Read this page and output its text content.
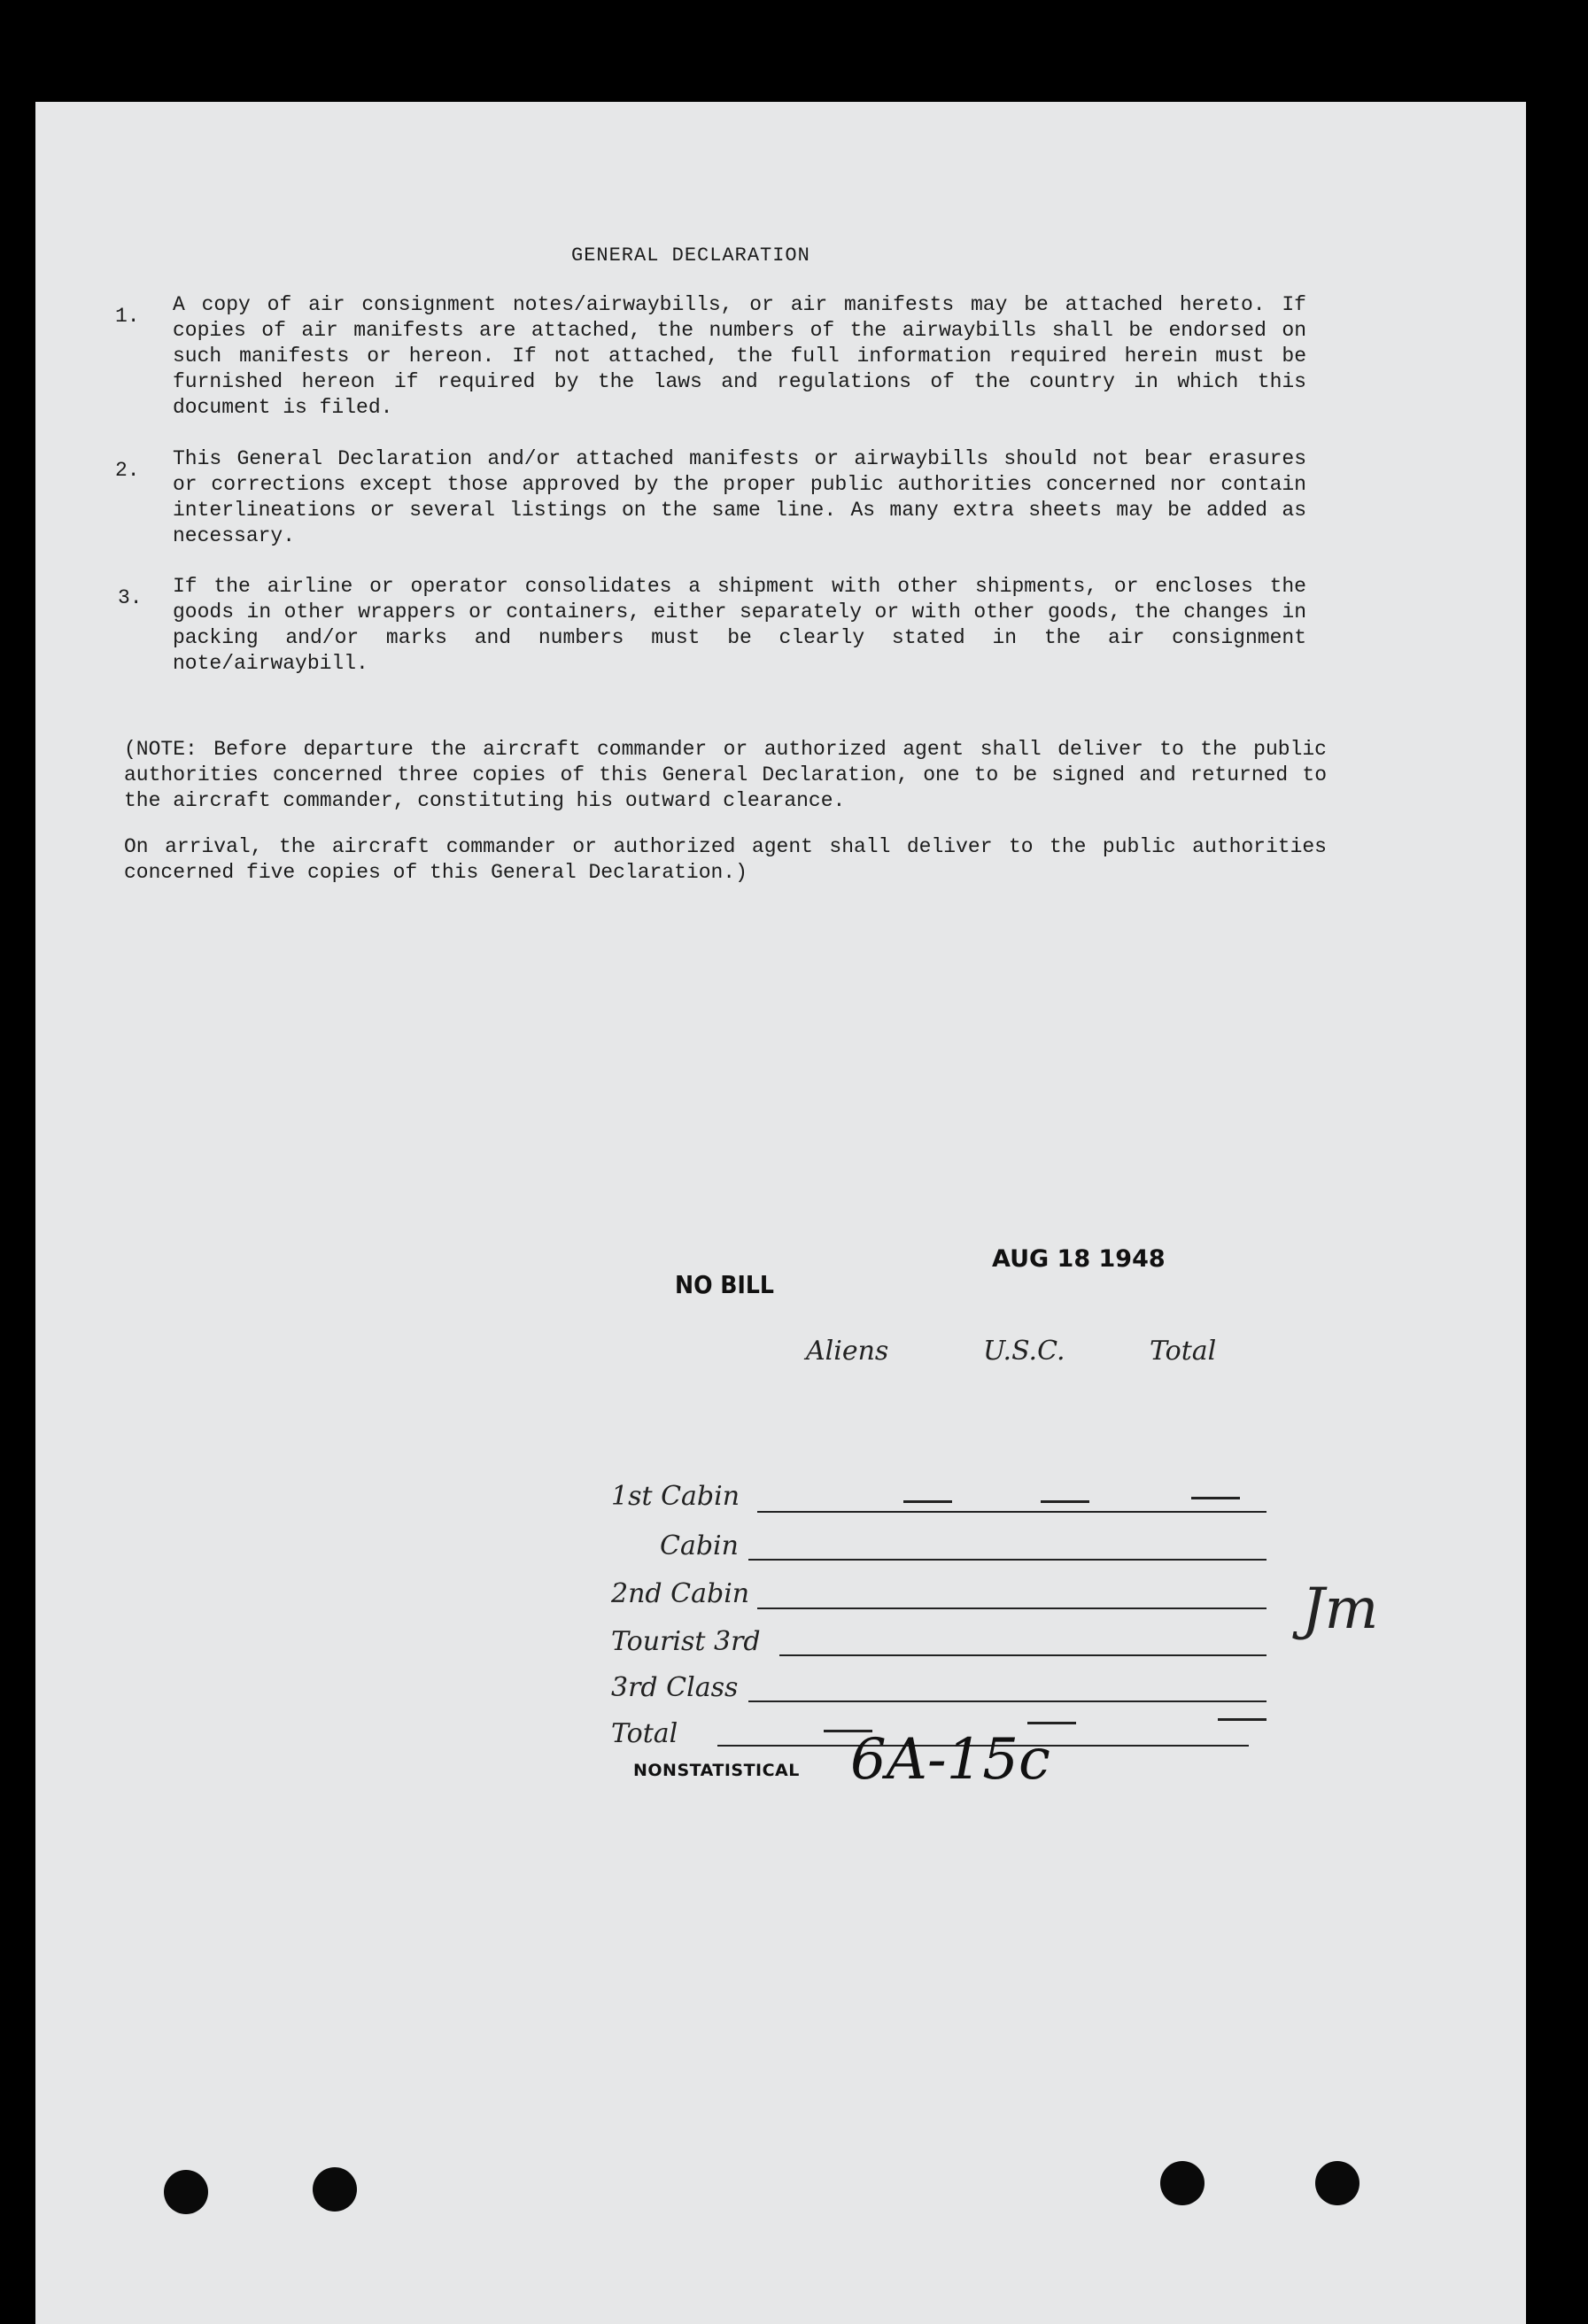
GENERAL DECLARATION
1. A copy of air consignment notes/airwaybills, or air manifests may be attached hereto. If copies of air manifests are attached, the numbers of the airwaybills shall be endorsed on such manifests or hereon. If not attached, the full information required herein must be furnished hereon if required by the laws and regulations of the country in which this document is filed.
2. This General Declaration and/or attached manifests or airwaybills should not bear erasures or corrections except those approved by the proper public authorities concerned nor contain interlineations or several listings on the same line. As many extra sheets may be added as necessary.
3. If the airline or operator consolidates a shipment with other shipments, or encloses the goods in other wrappers or containers, either separately or with other goods, the changes in packing and/or marks and numbers must be clearly stated in the air consignment note/airwaybill.
(NOTE: Before departure the aircraft commander or authorized agent shall deliver to the public authorities concerned three copies of this General Declaration, one to be signed and returned to the aircraft commander, constituting his outward clearance.
On arrival, the aircraft commander or authorized agent shall deliver to the public authorities concerned five copies of this General Declaration.)
AUG 18 1948
NO BILL
Aliens	U.S.C.	Total
1st Cabin
Cabin
2nd Cabin
Tourist 3rd
3rd Class
Total
Jm
NONSTATISTICAL 6A-15c
